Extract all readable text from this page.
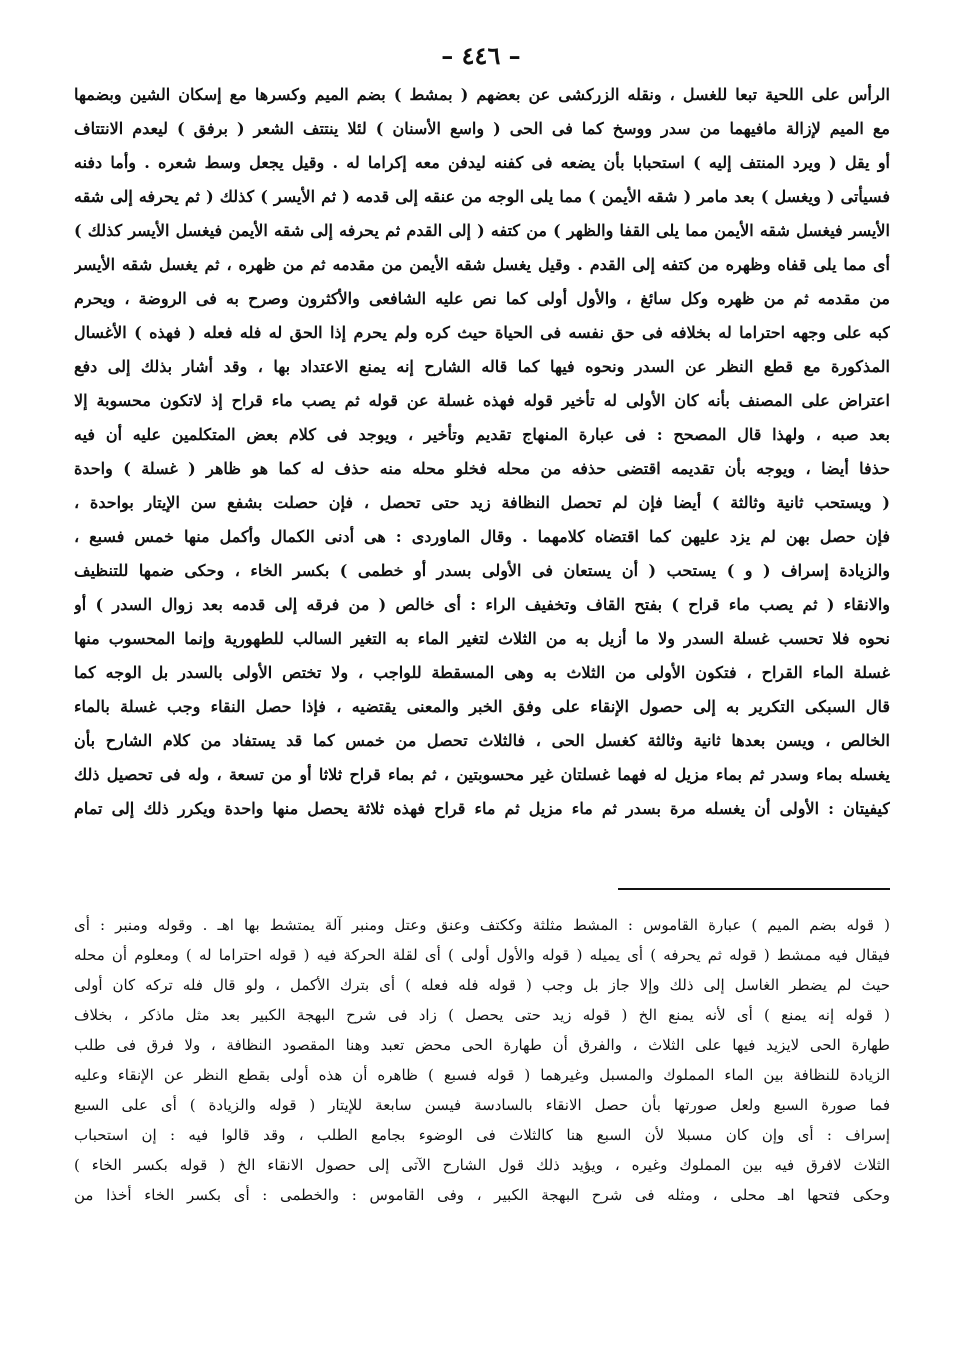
– ٤٤٦ –
الرأس على اللحية تبعا للغسل ، ونقله الزركشى عن بعضهم ( بمشط ) بضم الميم وكسرها مع إسكان الشين وبضمها
مع الميم لإزالة مافيهما من سدر ووسخ كما فى الحى ( واسع الأسنان ) لئلا ينتتف الشعر ( برفق ) ليعدم الانتتاف
أو يقل ( ويرد المنتف إليه ) استحبابا بأن يضعه فى كفنه ليدفن معه إكراما له . وقيل يجعل وسط شعره . وأما دفنه
فسيأتى ( ويغسل ) بعد مامر ( شقه الأيمن ) مما يلى الوجه من عنقه إلى قدمه ( ثم الأيسر ) كذلك ( ثم يحرفه إلى شقه
الأيسر فيغسل شقه الأيمن مما يلى القفا والظهر ) من كتفه ( إلى القدم ثم يحرفه إلى شقه الأيمن فيغسل الأيسر كذلك )
أى مما يلى قفاه وظهره من كتفه إلى القدم . وقيل يغسل شقه الأيمن من مقدمه ثم من ظهره ، ثم يغسل شقه الأيسر
من مقدمه ثم من ظهره وكل سائغ ، والأول أولى كما نص عليه الشافعى والأكثرون وصرح به فى الروضة ، ويحرم
كبه على وجهه احتراما له بخلافه فى حق نفسه فى الحياة حيث كره ولم يحرم إذا الحق له فله فعله ( فهذه ) الأغسال
المذكورة مع قطع النظر عن السدر ونحوه فيها كما قاله الشارح إنه يمنع الاعتداد بها ، وقد أشار بذلك إلى دفع
اعتراض على المصنف بأنه كان الأولى له تأخير قوله فهذه غسلة عن قوله ثم يصب ماء قراح إذ لاتكون محسوبة إلا
بعد صبه ، ولهذا قال المصحح : فى عبارة المنهاج تقديم وتأخير ، ويوجد فى كلام بعض المتكلمين عليه أن فيه
حذفا أيضا ، ويوجه بأن تقديمه اقتضى حذفه من محله فخلو محله منه حذف له كما هو ظاهر ( غسلة ) واحدة
( ويستحب ثانية وثالثة ) أيضا فإن لم تحصل النظافة زيد حتى تحصل ، فإن حصلت بشفع سن الإيتار بواحدة ،
فإن حصل بهن لم يزد عليهن كما اقتضاه كلامهما . وقال الماوردى : هى أدنى الكمال وأكمل منها خمس فسبع ،
والزيادة إسراف ( و ) يستحب ( أن يستعان فى الأولى بسدر أو خطمى ) بكسر الخاء ، وحكى ضمها للتنظيف
والانقاء ( ثم يصب ماء قراح ) بفتح القاف وتخفيف الراء : أى خالص ( من فرقه إلى قدمه بعد زوال السدر ) أو
نحوه فلا تحسب غسلة السدر ولا ما أزيل به من الثلاث لتغير الماء به التغير السالب للطهورية وإنما المحسوب منها
غسلة الماء القراح ، فتكون الأولى من الثلاث به وهى المسقطة للواجب ، ولا تختص الأولى بالسدر بل الوجه كما
قال السبكى التكرير به إلى حصول الإنقاء على وفق الخبر والمعنى يقتضيه ، فإذا حصل النقاء وجب غسلة بالماء
الخالص ، ويسن بعدها ثانية وثالثة كغسل الحى ، فالثلاث تحصل من خمس كما قد يستفاد من كلام الشارح بأن
يغسله بماء وسدر ثم بماء مزيل له فهما غسلتان غير محسوبتين ، ثم بماء قراح ثلاثا أو من تسعة ، وله فى تحصيل ذلك
كيفيتان : الأولى أن يغسله مرة بسدر ثم ماء مزيل ثم ماء قراح فهذه ثلاثة يحصل منها واحدة ويكرر ذلك إلى تمام
( قوله بضم الميم ) عبارة القاموس : المشط مثلثة وككتف وعنق وعتل ومنبر آلة يمتشط بها اهـ . وقوله ومنبر : أى
فيقال فيه ممشط ( قوله ثم يحرفه ) أى يميله ( قوله والأول أولى ) أى لقلة الحركة فيه ( قوله احتراما له ) ومعلوم أن محله
حيث لم يضطر الغاسل إلى ذلك وإلا جاز بل وجب ( قوله فله فعله ) أى بترك الأكمل ، ولو قال فله تركه كان أولى
( قوله إنه يمنع ) أى لأنه يمنع الخ ( قوله زيد حتى يحصل ) زاد فى شرح البهجة الكبير بعد مثل ماذكر ، بخلاف
طهارة الحى لايزيد فيها على الثلاث ، والفرق أن طهارة الحى محض تعبد وهنا المقصود النظافة ، ولا فرق فى طلب
الزيادة للنظافة بين الماء المملوك والمسبل وغيرهما ( قوله فسبع ) ظاهره أن هذه أولى بقطع النظر عن الإنقاء وعليه
فما صورة السبع ولعل صورتها بأن حصل الانقاء بالسادسة فيسن سابعة للإيتار ( قوله والزيادة ) أى على السبع
إسراف : أى وإن كان مسبلا لأن السبع هنا كالثلاث فى الوضوء بجامع الطلب ، وقد قالوا فيه : إن استحباب
الثلاث لافرق فيه بين المملوك وغيره ، ويؤيد ذلك قول الشارح الآتى إلى حصول الانقاء الخ ( قوله بكسر الخاء )
وحكى فتحها اهـ محلى ، ومثله فى شرح البهجة الكبير ، وفى القاموس : والخطمى : أى بكسر الخاء أخذا من
